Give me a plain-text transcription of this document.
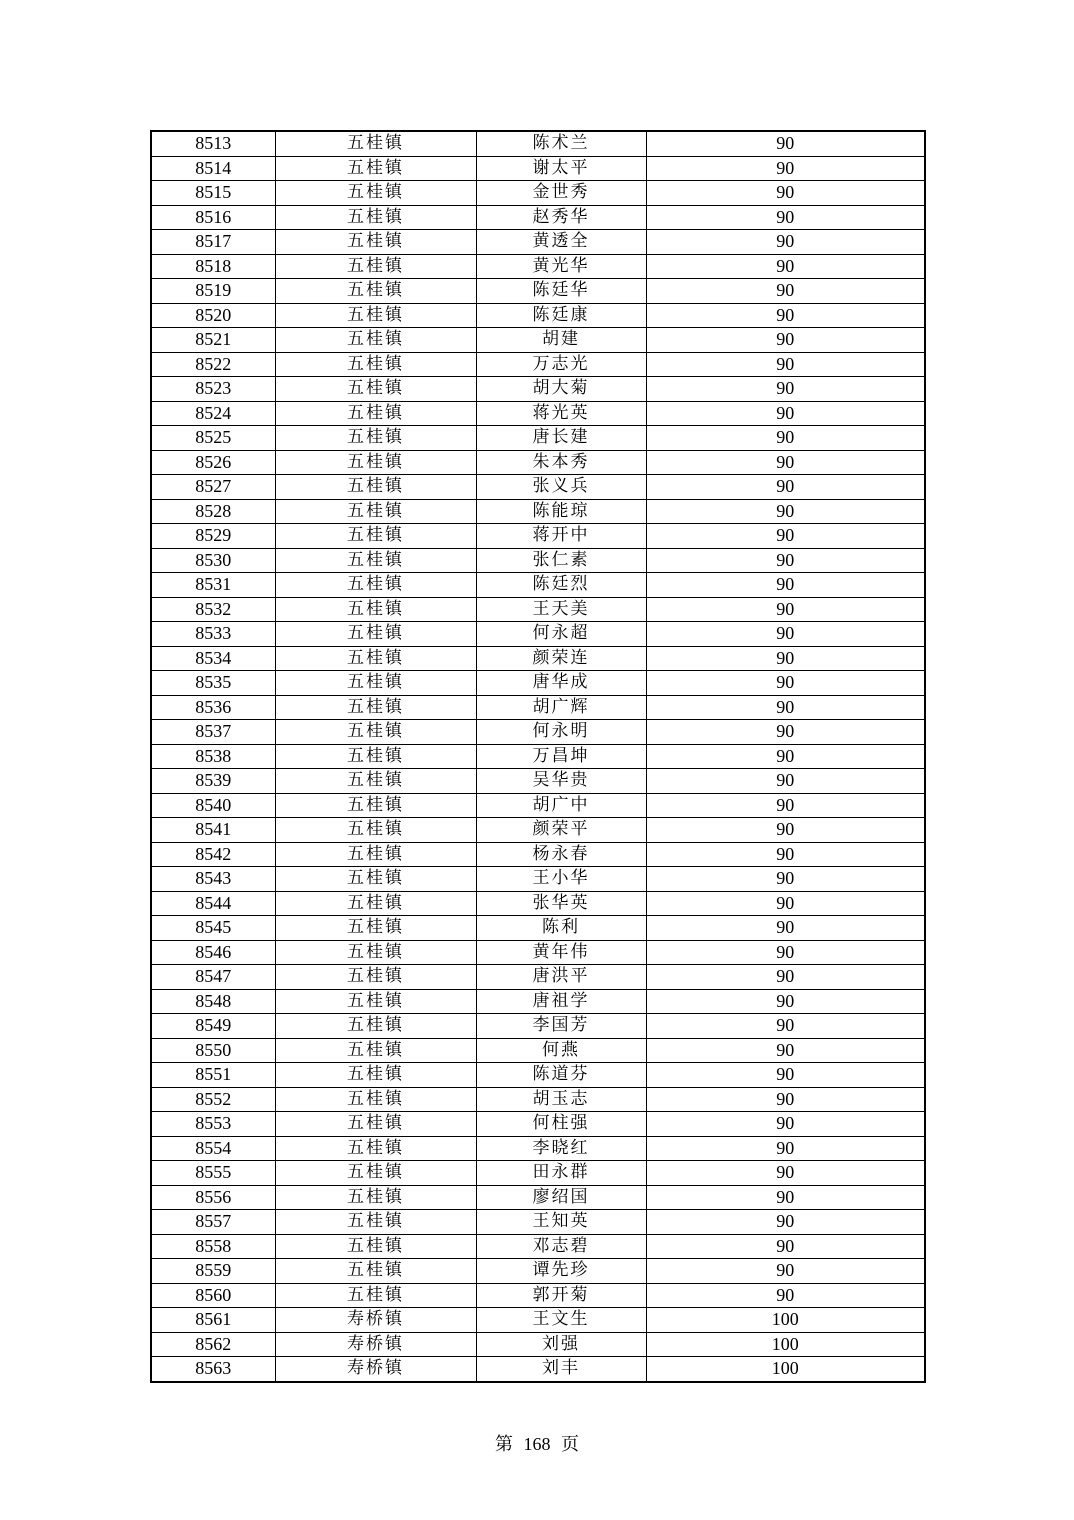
8513	五桂镇	陈术兰	90
8514	五桂镇	谢太平	90
8515	五桂镇	金世秀	90
8516	五桂镇	赵秀华	90
8517	五桂镇	黄透全	90
8518	五桂镇	黄光华	90
8519	五桂镇	陈廷华	90
8520	五桂镇	陈廷康	90
8521	五桂镇	胡建	90
8522	五桂镇	万志光	90
8523	五桂镇	胡大菊	90
8524	五桂镇	蒋光英	90
8525	五桂镇	唐长建	90
8526	五桂镇	朱本秀	90
8527	五桂镇	张义兵	90
8528	五桂镇	陈能琼	90
8529	五桂镇	蒋开中	90
8530	五桂镇	张仁素	90
8531	五桂镇	陈廷烈	90
8532	五桂镇	王天美	90
8533	五桂镇	何永超	90
8534	五桂镇	颜荣连	90
8535	五桂镇	唐华成	90
8536	五桂镇	胡广辉	90
8537	五桂镇	何永明	90
8538	五桂镇	万昌坤	90
8539	五桂镇	吴华贵	90
8540	五桂镇	胡广中	90
8541	五桂镇	颜荣平	90
8542	五桂镇	杨永春	90
8543	五桂镇	王小华	90
8544	五桂镇	张华英	90
8545	五桂镇	陈利	90
8546	五桂镇	黄年伟	90
8547	五桂镇	唐洪平	90
8548	五桂镇	唐祖学	90
8549	五桂镇	李国芳	90
8550	五桂镇	何燕	90
8551	五桂镇	陈道芬	90
8552	五桂镇	胡玉志	90
8553	五桂镇	何柱强	90
8554	五桂镇	李晓红	90
8555	五桂镇	田永群	90
8556	五桂镇	廖绍国	90
8557	五桂镇	王知英	90
8558	五桂镇	邓志碧	90
8559	五桂镇	谭先珍	90
8560	五桂镇	郭开菊	90
8561	寿桥镇	王文生	100
8562	寿桥镇	刘强	100
8563	寿桥镇	刘丰	100
第 168 页
